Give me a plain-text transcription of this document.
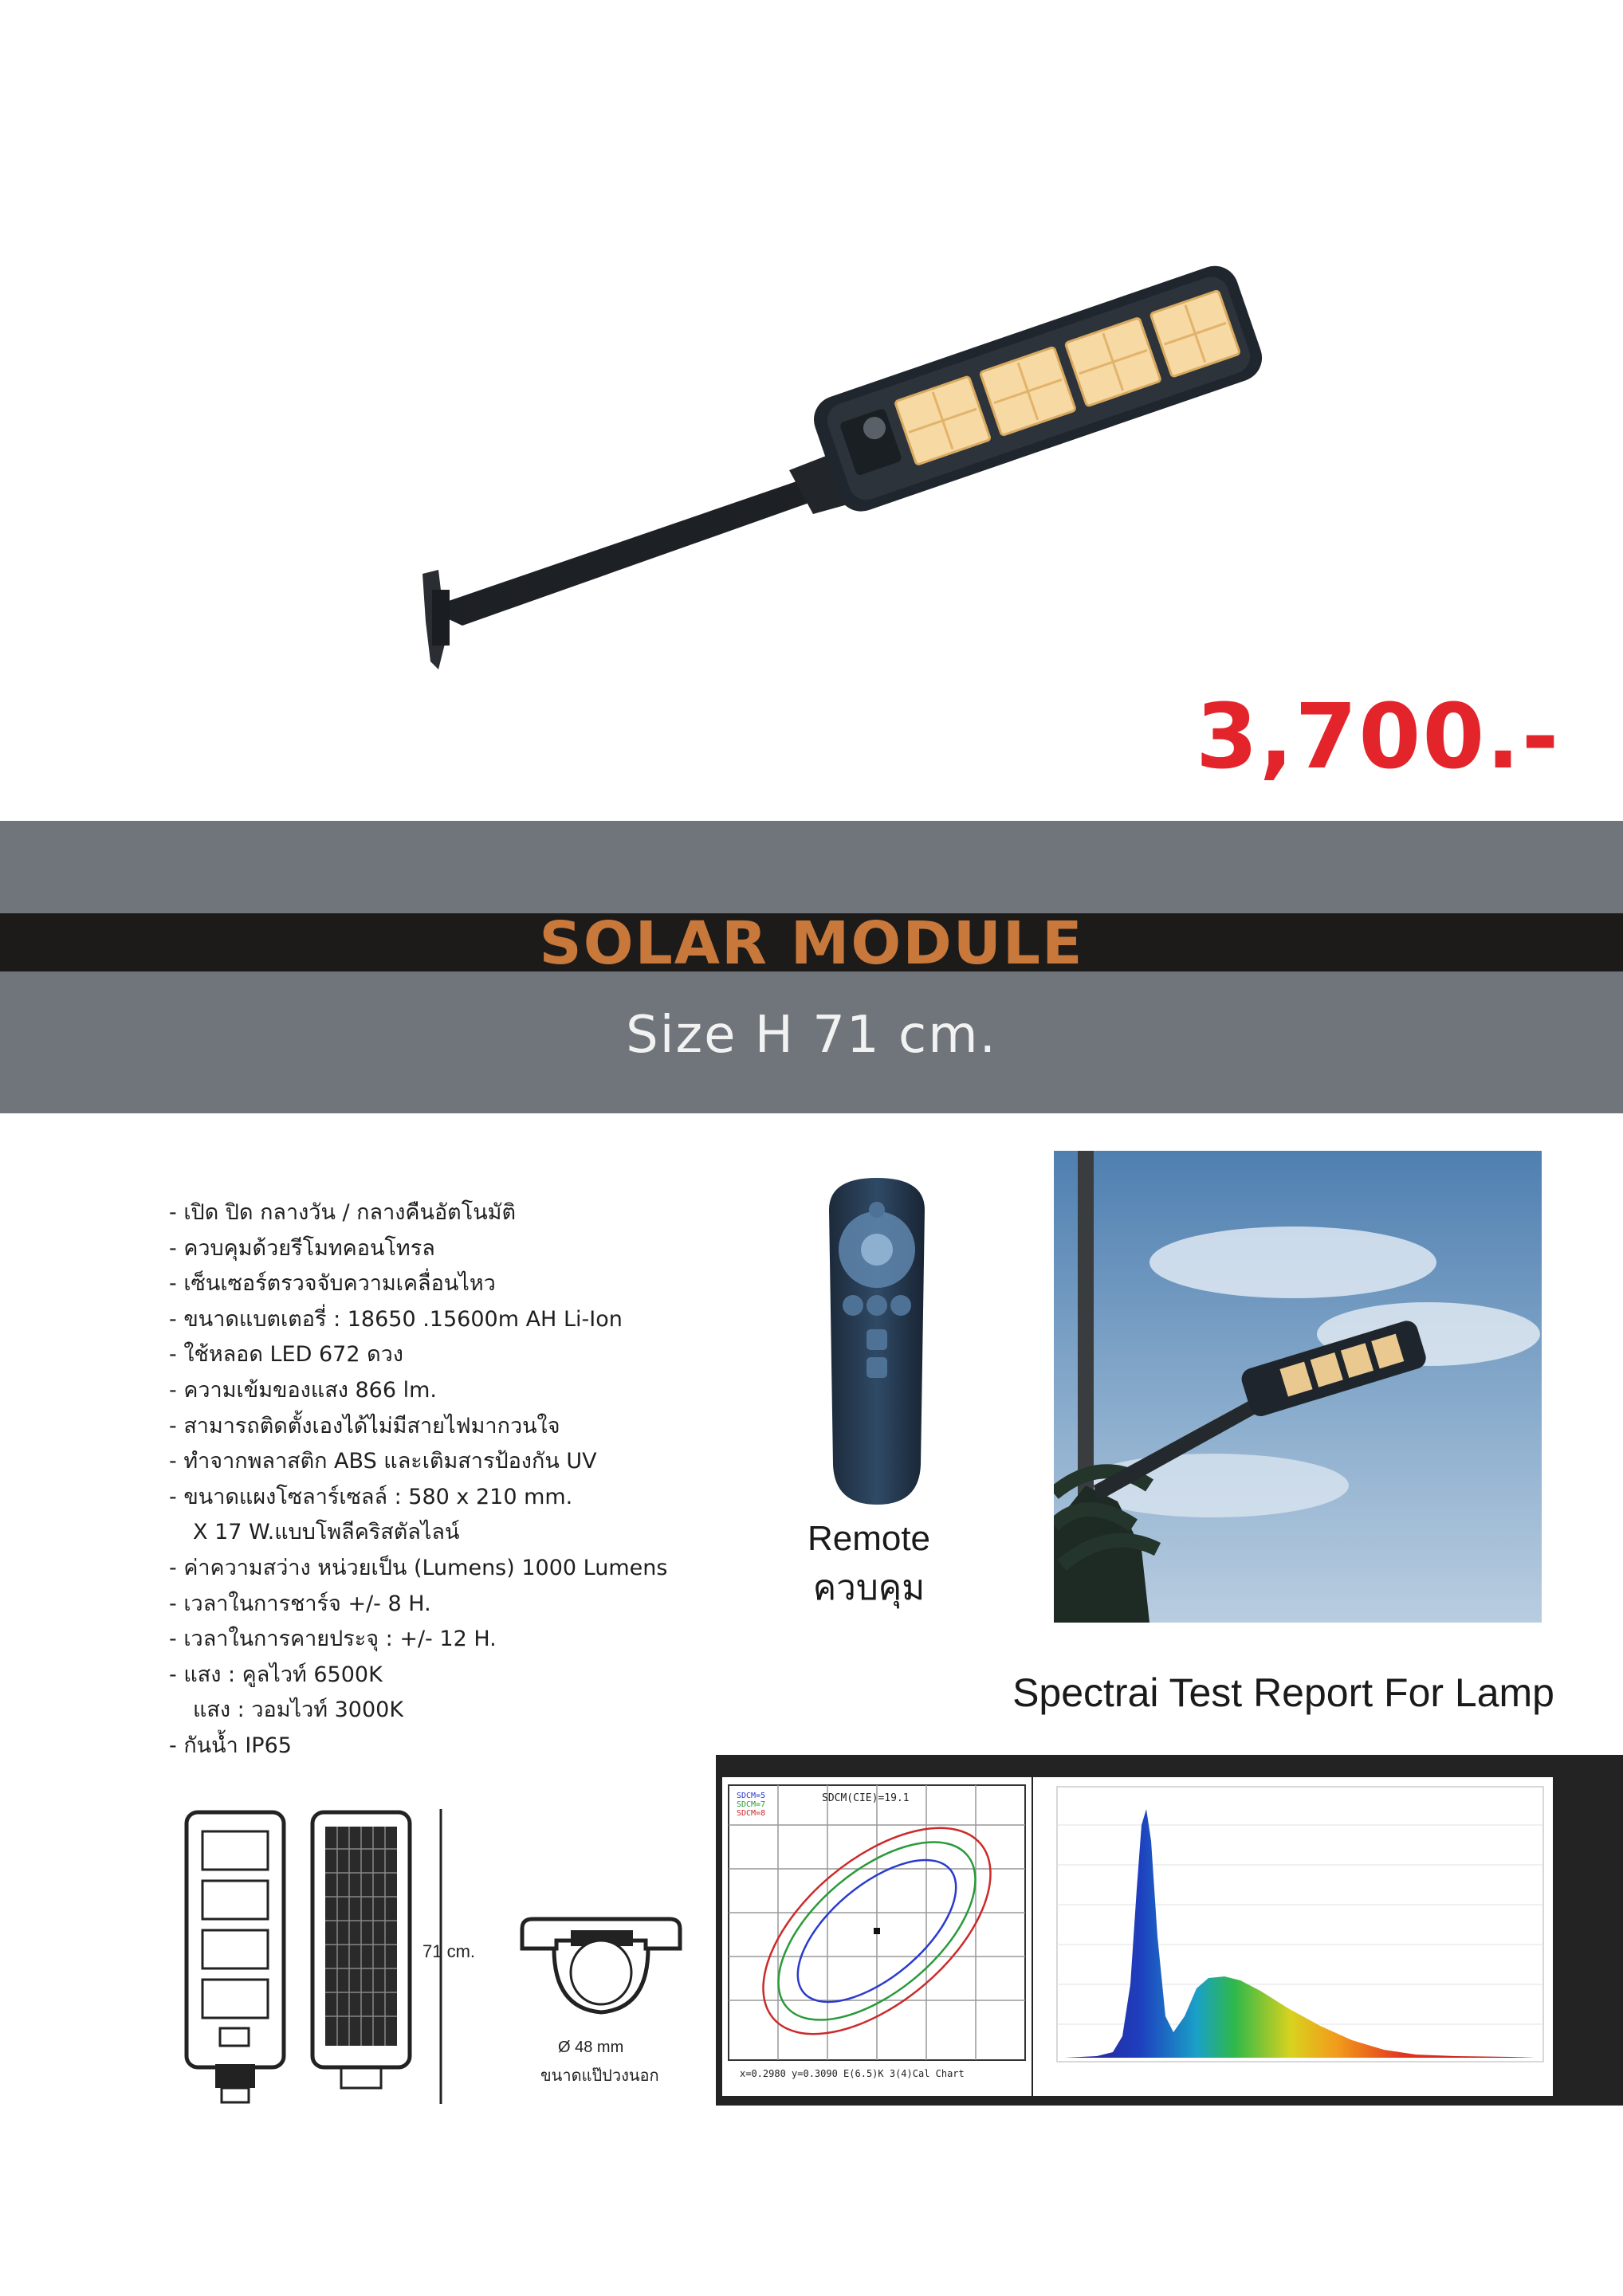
3,700.-
SOLAR MODULE
Size H 71 cm.
- เปิด ปิด กลางวัน / กลางคืนอัตโนมัติ
- ควบคุมด้วยรีโมทคอนโทรล
- เซ็นเซอร์ตรวจจับความเคลื่อนไหว
- ขนาดแบตเตอรี่ : 18650 .15600m AH Li-Ion
- ใช้หลอด LED 672 ดวง
- ความเข้มของแสง 866 lm.
- สามารถติดตั้งเองได้ไม่มีสายไฟมากวนใจ
- ทำจากพลาสติก ABS และเติมสารป้องกัน UV
- ขนาดแผงโซลาร์เซลล์ : 580 x 210 mm.
X 17 W.แบบโพลีคริสตัลไลน์
- ค่าความสว่าง หน่วยเป็น (Lumens) 1000 Lumens
- เวลาในการชาร์จ +/- 8 H.
- เวลาในการคายประจุ : +/- 12 H.
- แสง : คูลไวท์ 6500K
แสง : วอมไวท์ 3000K
- กันน้ำ IP65
Remote
ควบคุม
Spectrai Test Report For Lamp
71 cm.
Ø 48 mm
ขนาดแป๊ปวงนอก
SDCM(CIE)=19.1
SDCM=5
SDCM=7
SDCM=8
x=0.2980 y=0.3090 E(6.5)K 3(4)Cal Chart
